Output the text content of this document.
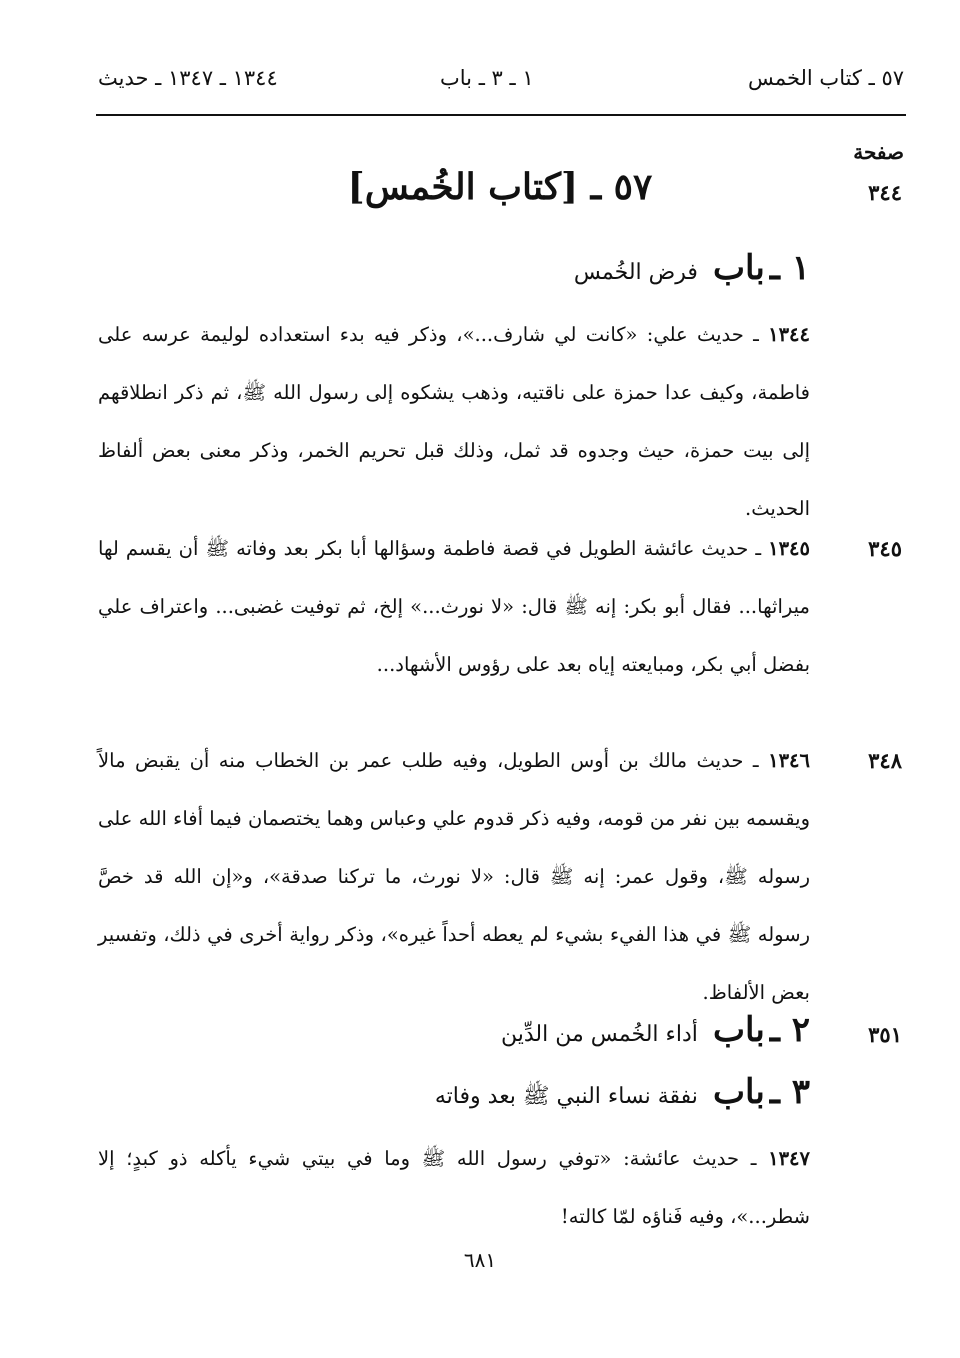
٥٧ ـ كتاب الخمس
١ ـ ٣ ـ باب
١٣٤٤ ـ ١٣٤٧ ـ حديث
صفحة
٣٤٤
٣٤٥
٣٤٨
٣٥١
٥٧ ـ [كتاب الخُمس]
١ ـ باب فرض الخُمس
١٣٤٤ ـ حديث علي: «كانت لي شارف...»، وذكر فيه بدء استعداده لوليمة عرسه على فاطمة، وكيف عدا حمزة على ناقتيه، وذهب يشكوه إلى رسول الله ﷺ، ثم ذكر انطلاقهم إلى بيت حمزة، حيث وجدوه قد ثمل، وذلك قبل تحريم الخمر، وذكر معنى بعض ألفاظ الحديث.
١٣٤٥ ـ حديث عائشة الطويل في قصة فاطمة وسؤالها أبا بكر بعد وفاته ﷺ أن يقسم لها ميراثها... فقال أبو بكر: إنه ﷺ قال: «لا نورث...» إلخ، ثم توفيت غضبى... واعتراف علي بفضل أبي بكر، ومبايعته إياه بعد على رؤوس الأشهاد...
١٣٤٦ ـ حديث مالك بن أوس الطويل، وفيه طلب عمر بن الخطاب منه أن يقبض مالاً ويقسمه بين نفر من قومه، وفيه ذكر قدوم علي وعباس وهما يختصمان فيما أفاء الله على رسوله ﷺ، وقول عمر: إنه ﷺ قال: «لا نورث، ما تركنا صدقة»، و«إن الله قد خصَّ رسوله ﷺ في هذا الفيء بشيء لم يعطه أحداً غيره»، وذكر رواية أخرى في ذلك، وتفسير بعض الألفاظ.
٢ ـ باب أداء الخُمس من الدِّين
٣ ـ باب نفقة نساء النبي ﷺ بعد وفاته
١٣٤٧ ـ حديث عائشة: «توفي رسول الله ﷺ وما في بيتي شيء يأكله ذو كبدٍ؛ إلا شطر...»، وفيه فَناؤه لمّا كالته!
٦٨١
